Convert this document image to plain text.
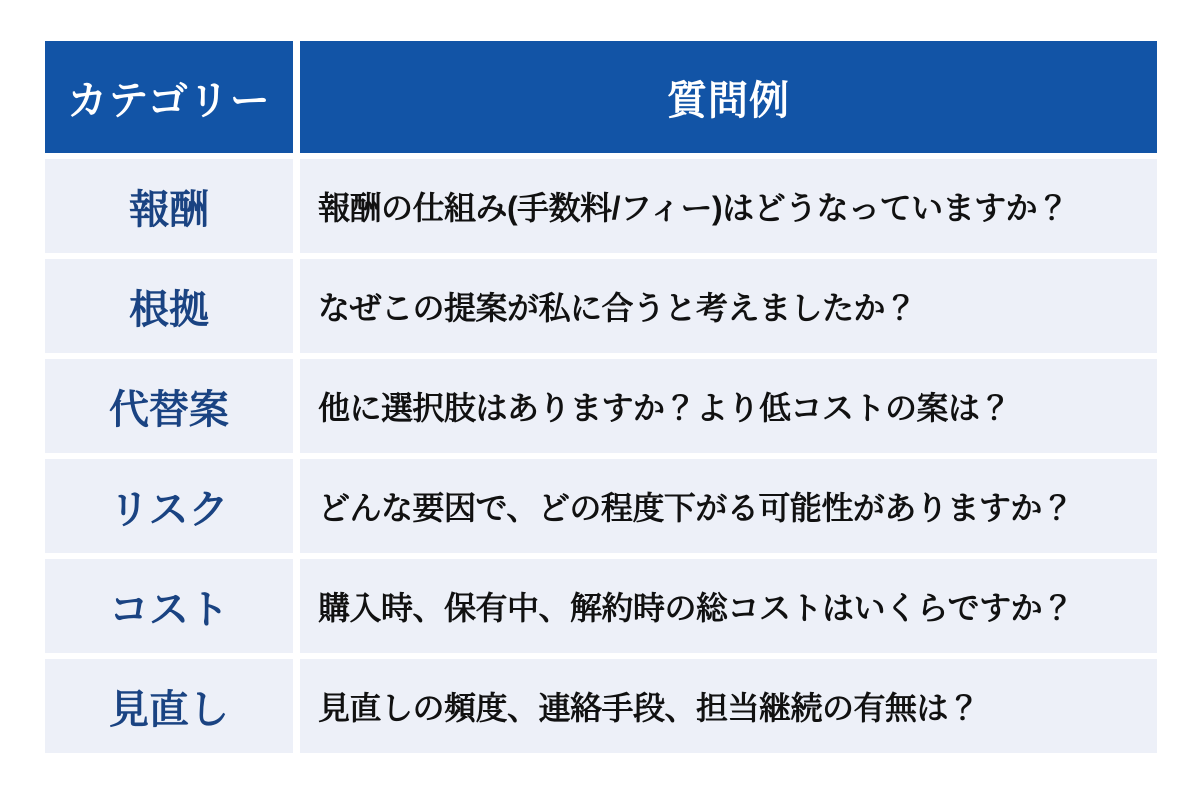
カテゴリー	質問例
報酬	報酬の仕組み(手数料/フィー)はどうなっていますか？
根拠	なぜこの提案が私に合うと考えましたか？
代替案	他に選択肢はありますか？より低コストの案は？
リスク	どんな要因で、どの程度下がる可能性がありますか？
コスト	購入時、保有中、解約時の総コストはいくらですか？
見直し	見直しの頻度、連絡手段、担当継続の有無は？
